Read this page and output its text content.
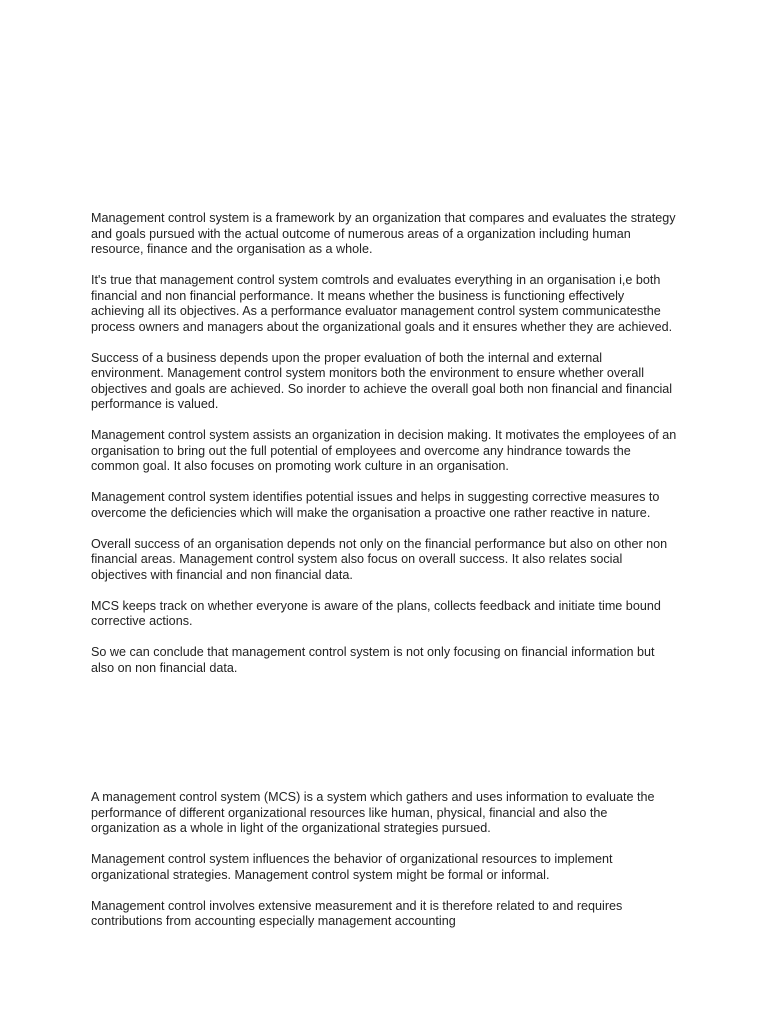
Management control system is a framework by an organization that compares and evaluates the strategy and goals pursued with the actual outcome of numerous areas of a organization including human resource, finance and the organisation as a whole.

It's true that management control system comtrols and evaluates everything in an organisation i,e both financial and non financial performance. It means whether the business is functioning effectively achieving all its objectives. As a performance evaluator management control system communicatesthe process owners and managers about the organizational goals and it ensures whether they are achieved.

Success of a business depends upon the proper evaluation of both the internal and external environment. Management control system monitors both the environment to ensure whether overall objectives and goals are achieved. So inorder to achieve the overall goal both non financial and financial performance is valued.

Management control system assists an organization in decision making. It motivates the employees of an organisation to bring out the full potential of employees and overcome any hindrance towards the common goal. It also focuses on promoting work culture in an organisation.

Management control system identifies potential issues and helps in suggesting corrective measures to overcome the deficiencies which will make the organisation a proactive one rather reactive in nature.

Overall success of an organisation depends not only on the financial performance but also on other non financial areas. Management control system also focus on overall success. It also relates social objectives with financial and non financial data.

MCS keeps track on whether everyone is aware of the plans, collects feedback and initiate time bound corrective actions.

So we can conclude that management control system is not only focusing on financial information but also on non financial data.

A management control system (MCS) is a system which gathers and uses information to evaluate the performance of different organizational resources like human, physical, financial and also the organization as a whole in light of the organizational strategies pursued.

Management control system influences the behavior of organizational resources to implement organizational strategies. Management control system might be formal or informal.

Management control involves extensive measurement and it is therefore related to and requires contributions from accounting especially management accounting
